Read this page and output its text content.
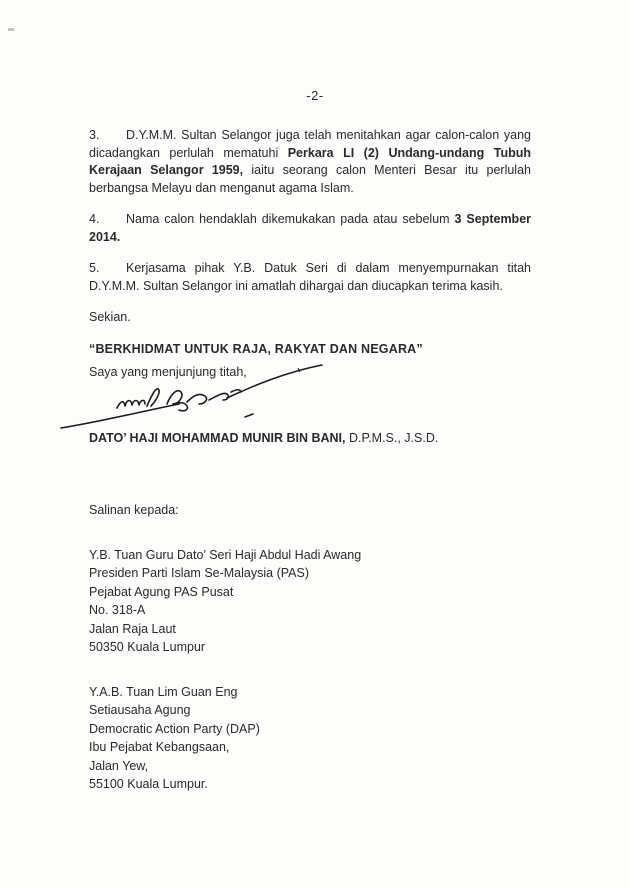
-2-

3. D.Y.M.M. Sultan Selangor juga telah menitahkan agar calon-calon yang dicadangkan perlulah mematuhi Perkara LI (2) Undang-undang Tubuh Kerajaan Selangor 1959, iaitu seorang calon Menteri Besar itu perlulah berbangsa Melayu dan menganut agama Islam.

4. Nama calon hendaklah dikemukakan pada atau sebelum 3 September 2014.

5. Kerjasama pihak Y.B. Datuk Seri di dalam menyempurnakan titah D.Y.M.M. Sultan Selangor ini amatlah dihargai dan diucapkan terima kasih.

Sekian.

“BERKHIDMAT UNTUK RAJA, RAKYAT DAN NEGARA”

Saya yang menjunjung titah,

DATO’ HAJI MOHAMMAD MUNIR BIN BANI, D.P.M.S., J.S.D.

Salinan kepada:

Y.B. Tuan Guru Dato’ Seri Haji Abdul Hadi Awang
Presiden Parti Islam Se-Malaysia (PAS)
Pejabat Agung PAS Pusat
No. 318-A
Jalan Raja Laut
50350 Kuala Lumpur
Y.A.B. Tuan Lim Guan Eng
Setiausaha Agung
Democratic Action Party (DAP)
Ibu Pejabat Kebangsaan,
Jalan Yew,
55100 Kuala Lumpur.
